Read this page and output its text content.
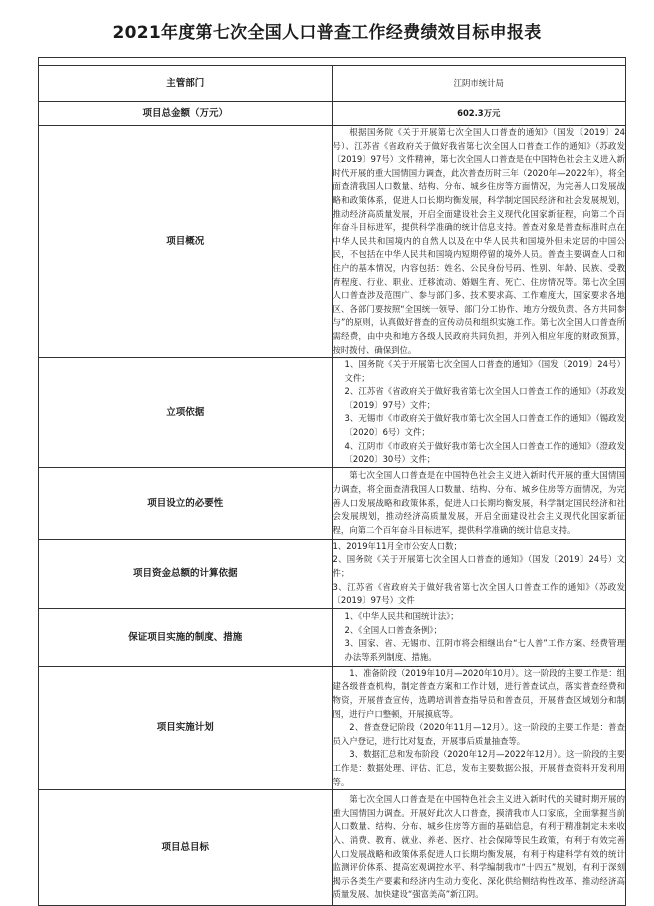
2021年度第七次全国人口普查工作经费绩效目标申报表

主管部门	江阴市统计局
项目总金额（万元）	602.3万元
项目概况	根据国务院《关于开展第七次全国人口普查的通知》（国发〔2019〕24号）、江苏省《省政府关于做好我省第七次全国人口普查工作的通知》（苏政发〔2019〕97号）文件精神，第七次全国人口普查是在中国特色社会主义进入新时代开展的重大国情国力调查，此次普查历时三年（2020年—2022年），将全面查清我国人口数量、结构、分布、城乡住房等方面情况，为完善人口发展战略和政策体系，促进人口长期均衡发展，科学制定国民经济和社会发展规划，推动经济高质量发展，开启全面建设社会主义现代化国家新征程，向第二个百年奋斗目标进军，提供科学准确的统计信息支持。普查对象是普查标准时点在中华人民共和国境内的自然人以及在中华人民共和国境外但未定居的中国公民，不包括在中华人民共和国境内短期停留的境外人员。普查主要调查人口和住户的基本情况，内容包括：姓名、公民身份号码、性别、年龄、民族、受教育程度、行业、职业、迁移流动、婚姻生育、死亡、住房情况等。第七次全国人口普查涉及范围广、参与部门多、技术要求高、工作难度大，国家要求各地区、各部门要按照“全国统一领导、部门分工协作、地方分级负责、各方共同参与”的原则，认真做好普查的宣传动员和组织实施工作。第七次全国人口普查所需经费，由中央和地方各级人民政府共同负担，并列入相应年度的财政预算，按时拨付、确保到位。

立项依据	1、国务院《关于开展第七次全国人口普查的通知》（国发〔2019〕24号）文件；

2、江苏省《省政府关于做好我省第七次全国人口普查工作的通知》（苏政发〔2019〕97号）文件；

3、无锡市《市政府关于做好我市第七次全国人口普查工作的通知》（锡政发〔2020〕6号）文件；

4、江阴市《市政府关于做好我市第七次全国人口普查工作的通知》（澄政发〔2020〕30号）文件；

项目设立的必要性	第七次全国人口普查是在中国特色社会主义进入新时代开展的重大国情国力调查，将全面查清我国人口数量、结构、分布、城乡住房等方面情况，为完善人口发展战略和政策体系，促进人口长期均衡发展，科学制定国民经济和社会发展规划，推动经济高质量发展，开启全面建设社会主义现代化国家新征程，向第二个百年奋斗目标进军，提供科学准确的统计信息支持。

项目资金总额的计算依据	1、2019年11月全市公安人口数；

2、国务院《关于开展第七次全国人口普查的通知》（国发〔2019〕24号）文件；

3、江苏省《省政府关于做好我省第七次全国人口普查工作的通知》（苏政发〔2019〕97号）文件

保证项目实施的制度、措施	1、《中华人民共和国统计法》；

2、《全国人口普查条例》；

3、国家、省、无锡市、江阴市将会相继出台“七人普”工作方案、经费管理办法等系列制度、措施。

项目实施计划	1、准备阶段（2019年10月—2020年10月）。这一阶段的主要工作是：组建各级普查机构，制定普查方案和工作计划，进行普查试点，落实普查经费和物资，开展普查宣传，选聘培训普查指导员和普查员，开展普查区域划分和制图，进行户口整顿，开展摸底等。

2、普查登记阶段（2020年11月—12月）。这一阶段的主要工作是：普查员入户登记，进行比对复查，开展事后质量抽查等。

3、数据汇总和发布阶段（2020年12月—2022年12月）。这一阶段的主要工作是：数据处理、评估、汇总，发布主要数据公报，开展普查资料开发利用等。

项目总目标	第七次全国人口普查是在中国特色社会主义进入新时代的关键时期开展的重大国情国力调查。开展好此次人口普查，摸清我市人口家底，全面掌握当前人口数量、结构、分布、城乡住房等方面的基础信息，有利于精准制定未来收入、消费、教育、就业、养老、医疗、社会保障等民生政策，有利于有效完善人口发展战略和政策体系促进人口长期均衡发展，有利于构建科学有效的统计监测评价体系、提高宏观调控水平、科学编制我市“十四五”规划，有利于深刻揭示各类生产要素和经济内生动力变化、深化供给侧结构性改革、推动经济高质量发展、加快建设“强富美高”新江阴。
